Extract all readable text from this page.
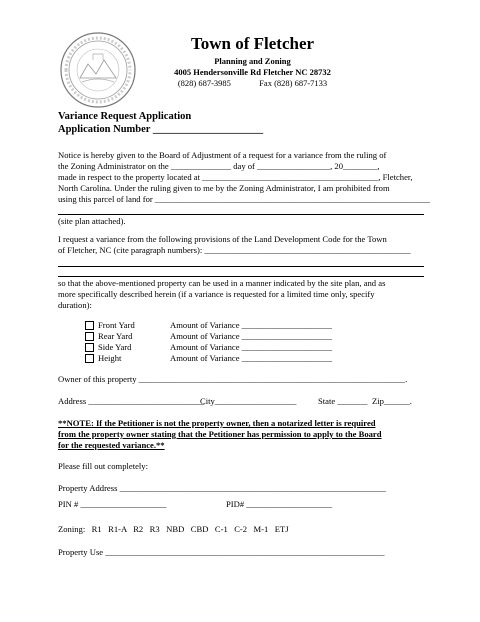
Town of Fletcher
Planning and Zoning
4005 Hendersonville Rd Fletcher NC 28732
(828) 687-3985	Fax (828) 687-7133
Variance Request Application
Application Number _____________________
Notice is hereby given to the Board of Adjustment of a request for a variance from the ruling of
the Zoning Administrator on the ______________ day of _________________, 20________,
made in respect to the property located at _________________________________________, Fletcher,
North Carolina. Under the ruling given to me by the Zoning Administrator, I am prohibited from
using this parcel of land for ________________________________________________________________
(site plan attached).
I request a variance from the following provisions of the Land Development Code for the Town
of Fletcher, NC (cite paragraph numbers): ________________________________________________
so that the above-mentioned property can be used in a manner indicated by the site plan, and as
more specifically described herein (if a variance is requested for a limited time only, specify
duration):
Front Yard	Amount of Variance _____________________
Rear Yard	Amount of Variance _____________________
Side Yard	Amount of Variance _____________________
Height	Amount of Variance _____________________
Owner of this property ______________________________________________________________.
Address ___________________________
City___________________	State _______ Zip______.
**NOTE: If the Petitioner is not the property owner, then a notarized letter is required
from the property owner stating that the Petitioner has permission to apply to the Board
for the requested variance.**
Please fill out completely:
Property Address ______________________________________________________________
PIN # ____________________	PID# ____________________
Zoning:   R1   R1-A   R2   R3   NBD   CBD   C-1   C-2   M-1   ETJ
Property Use _________________________________________________________________
